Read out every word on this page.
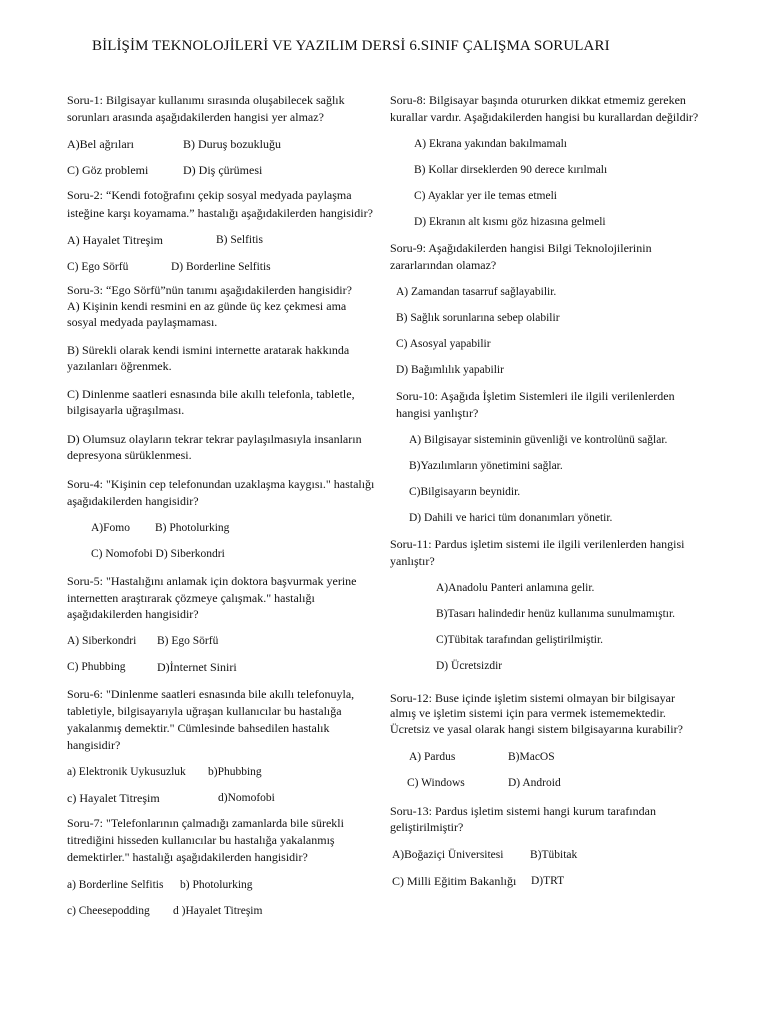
BİLİŞİM TEKNOLOJİLERİ VE YAZILIM DERSİ 6.SINIF ÇALIŞMA SORULARI
Soru-1: Bilgisayar kullanımı sırasında oluşabilecek sağlık
sorunları arasında aşağıdakilerden hangisi yer almaz?
A)Bel ağrıları	B) Duruş bozukluğu
C) Göz problemi	D) Diş çürümesi
Soru-2: “Kendi fotoğrafını çekip sosyal medyada paylaşma
isteğine karşı koyamama.” hastalığı aşağıdakilerden hangisidir?
A) Hayalet Titreşim	B) Selfitis
C) Ego Sörfü	D) Borderline Selfitis
Soru-3: “Ego Sörfü”nün tanımı aşağıdakilerden hangisidir?
A) Kişinin kendi resmini en az günde üç kez çekmesi ama
sosyal medyada paylaşmaması.
B) Sürekli olarak kendi ismini internette aratarak hakkında
yazılanları öğrenmek.
C) Dinlenme saatleri esnasında bile akıllı telefonla, tabletle,
bilgisayarla uğraşılması.
D) Olumsuz olayların tekrar tekrar paylaşılmasıyla insanların
depresyona sürüklenmesi.
Soru-4: "Kişinin cep telefonundan uzaklaşma kaygısı." hastalığı
aşağıdakilerden hangisidir?
A)Fomo B) Photolurking
C) Nomofobi D) Siberkondri
Soru-5: "Hastalığını anlamak için doktora başvurmak yerine
internetten araştırarak çözmeye çalışmak." hastalığı
aşağıdakilerden hangisidir?
A) Siberkondri B) Ego Sörfü
C) Phubbing	D)İnternet Siniri
Soru-6: "Dinlenme saatleri esnasında bile akıllı telefonuyla,
tabletiyle, bilgisayarıyla uğraşan kullanıcılar bu hastalığa
yakalanmış demektir." Cümlesinde bahsedilen hastalık
hangisidir?
a) Elektronik Uykusuzluk b)Phubbing
c) Hayalet Titreşim	d)Nomofobi
Soru-7: "Telefonlarının çalmadığı zamanlarda bile sürekli
titrediğini hisseden kullanıcılar bu hastalığa yakalanmış
demektirler." hastalığı aşağıdakilerden hangisidir?
a) Borderline Selfitis b) Photolurking
c) Cheesepodding d )Hayalet Titreşim
Soru-8: Bilgisayar başında otururken dikkat etmemiz gereken
kurallar vardır. Aşağıdakilerden hangisi bu kurallardan değildir?
A) Ekrana yakından bakılmamalı
B) Kollar dirseklerden 90 derece kırılmalı
C) Ayaklar yer ile temas etmeli
D) Ekranın alt kısmı göz hizasına gelmeli
Soru-9: Aşağıdakilerden hangisi Bilgi Teknolojilerinin
zararlarından olamaz?
A) Zamandan tasarruf sağlayabilir.
B) Sağlık sorunlarına sebep olabilir
C) Asosyal yapabilir
D) Bağımlılık yapabilir
Soru-10: Aşağıda İşletim Sistemleri ile ilgili verilenlerden
hangisi yanlıştır?
A) Bilgisayar sisteminin güvenliği ve kontrolünü sağlar.
B)Yazılımların yönetimini sağlar.
C)Bilgisayarın beynidir.
D) Dahili ve harici tüm donanımları yönetir.
Soru-11: Pardus işletim sistemi ile ilgili verilenlerden hangisi
yanlıştır?
A)Anadolu Panteri anlamına gelir.
B)Tasarı halindedir henüz kullanıma sunulmamıştır.
C)Tübitak tarafından geliştirilmiştir.
D) Ücretsizdir
Soru-12: Buse içinde işletim sistemi olmayan bir bilgisayar
almış ve işletim sistemi için para vermek istememektedir.
Ücretsiz ve yasal olarak hangi sistem bilgisayarına kurabilir?
A) Pardus	B)MacOS
C) Windows	D) Android
Soru-13: Pardus işletim sistemi hangi kurum tarafından
geliştirilmiştir?
A)Boğaziçi Üniversitesi B)Tübitak
C) Milli Eğitim Bakanlığı D)TRT
